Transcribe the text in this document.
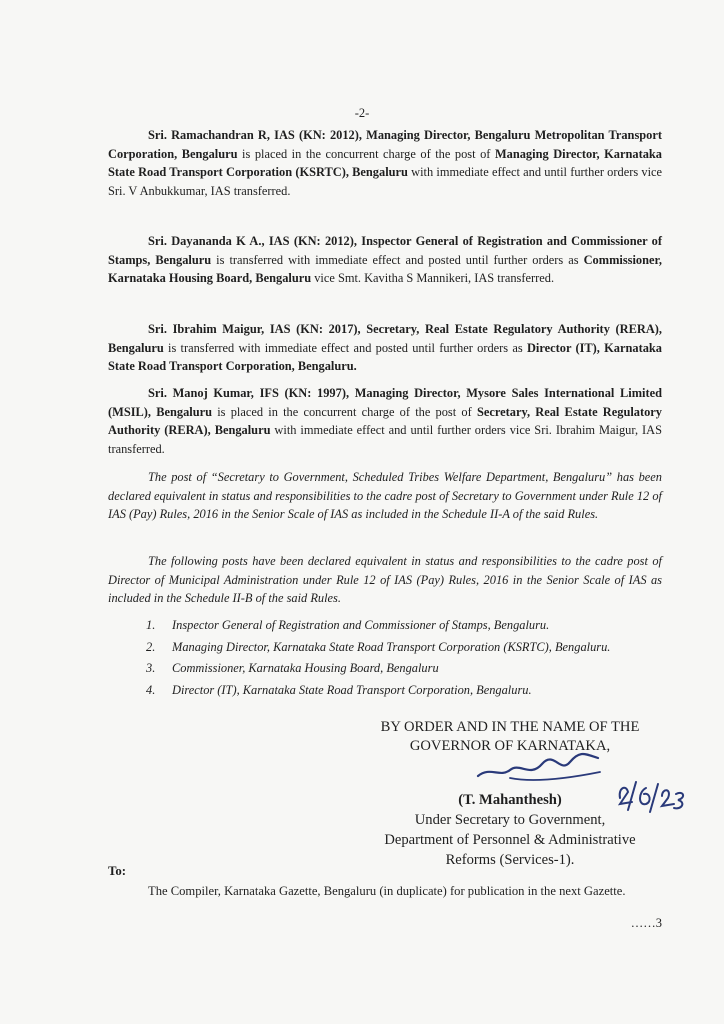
-2-
Sri. Ramachandran R, IAS (KN: 2012), Managing Director, Bengaluru Metropolitan Transport Corporation, Bengaluru is placed in the concurrent charge of the post of Managing Director, Karnataka State Road Transport Corporation (KSRTC), Bengaluru with immediate effect and until further orders vice Sri. V Anbukkumar, IAS transferred.
Sri. Dayananda K A., IAS (KN: 2012), Inspector General of Registration and Commissioner of Stamps, Bengaluru is transferred with immediate effect and posted until further orders as Commissioner, Karnataka Housing Board, Bengaluru vice Smt. Kavitha S Mannikeri, IAS transferred.
Sri. Ibrahim Maigur, IAS (KN: 2017), Secretary, Real Estate Regulatory Authority (RERA), Bengaluru is transferred with immediate effect and posted until further orders as Director (IT), Karnataka State Road Transport Corporation, Bengaluru.
Sri. Manoj Kumar, IFS (KN: 1997), Managing Director, Mysore Sales International Limited (MSIL), Bengaluru is placed in the concurrent charge of the post of Secretary, Real Estate Regulatory Authority (RERA), Bengaluru with immediate effect and until further orders vice Sri. Ibrahim Maigur, IAS transferred.
The post of “Secretary to Government, Scheduled Tribes Welfare Department, Bengaluru” has been declared equivalent in status and responsibilities to the cadre post of Secretary to Government under Rule 12 of IAS (Pay) Rules, 2016 in the Senior Scale of IAS as included in the Schedule II-A of the said Rules.
The following posts have been declared equivalent in status and responsibilities to the cadre post of Director of Municipal Administration under Rule 12 of IAS (Pay) Rules, 2016 in the Senior Scale of IAS as included in the Schedule II-B of the said Rules.
1.	Inspector General of Registration and Commissioner of Stamps, Bengaluru.
2.	Managing Director, Karnataka State Road Transport Corporation (KSRTC), Bengaluru.
3.	Commissioner, Karnataka Housing Board, Bengaluru
4.	Director (IT), Karnataka State Road Transport Corporation, Bengaluru.
BY ORDER AND IN THE NAME OF THE
GOVERNOR OF KARNATAKA,
(T. Mahanthesh)
Under Secretary to Government,
Department of Personnel & Administrative
Reforms (Services-1).
To:
The Compiler, Karnataka Gazette, Bengaluru (in duplicate) for publication in the next Gazette.
……3
